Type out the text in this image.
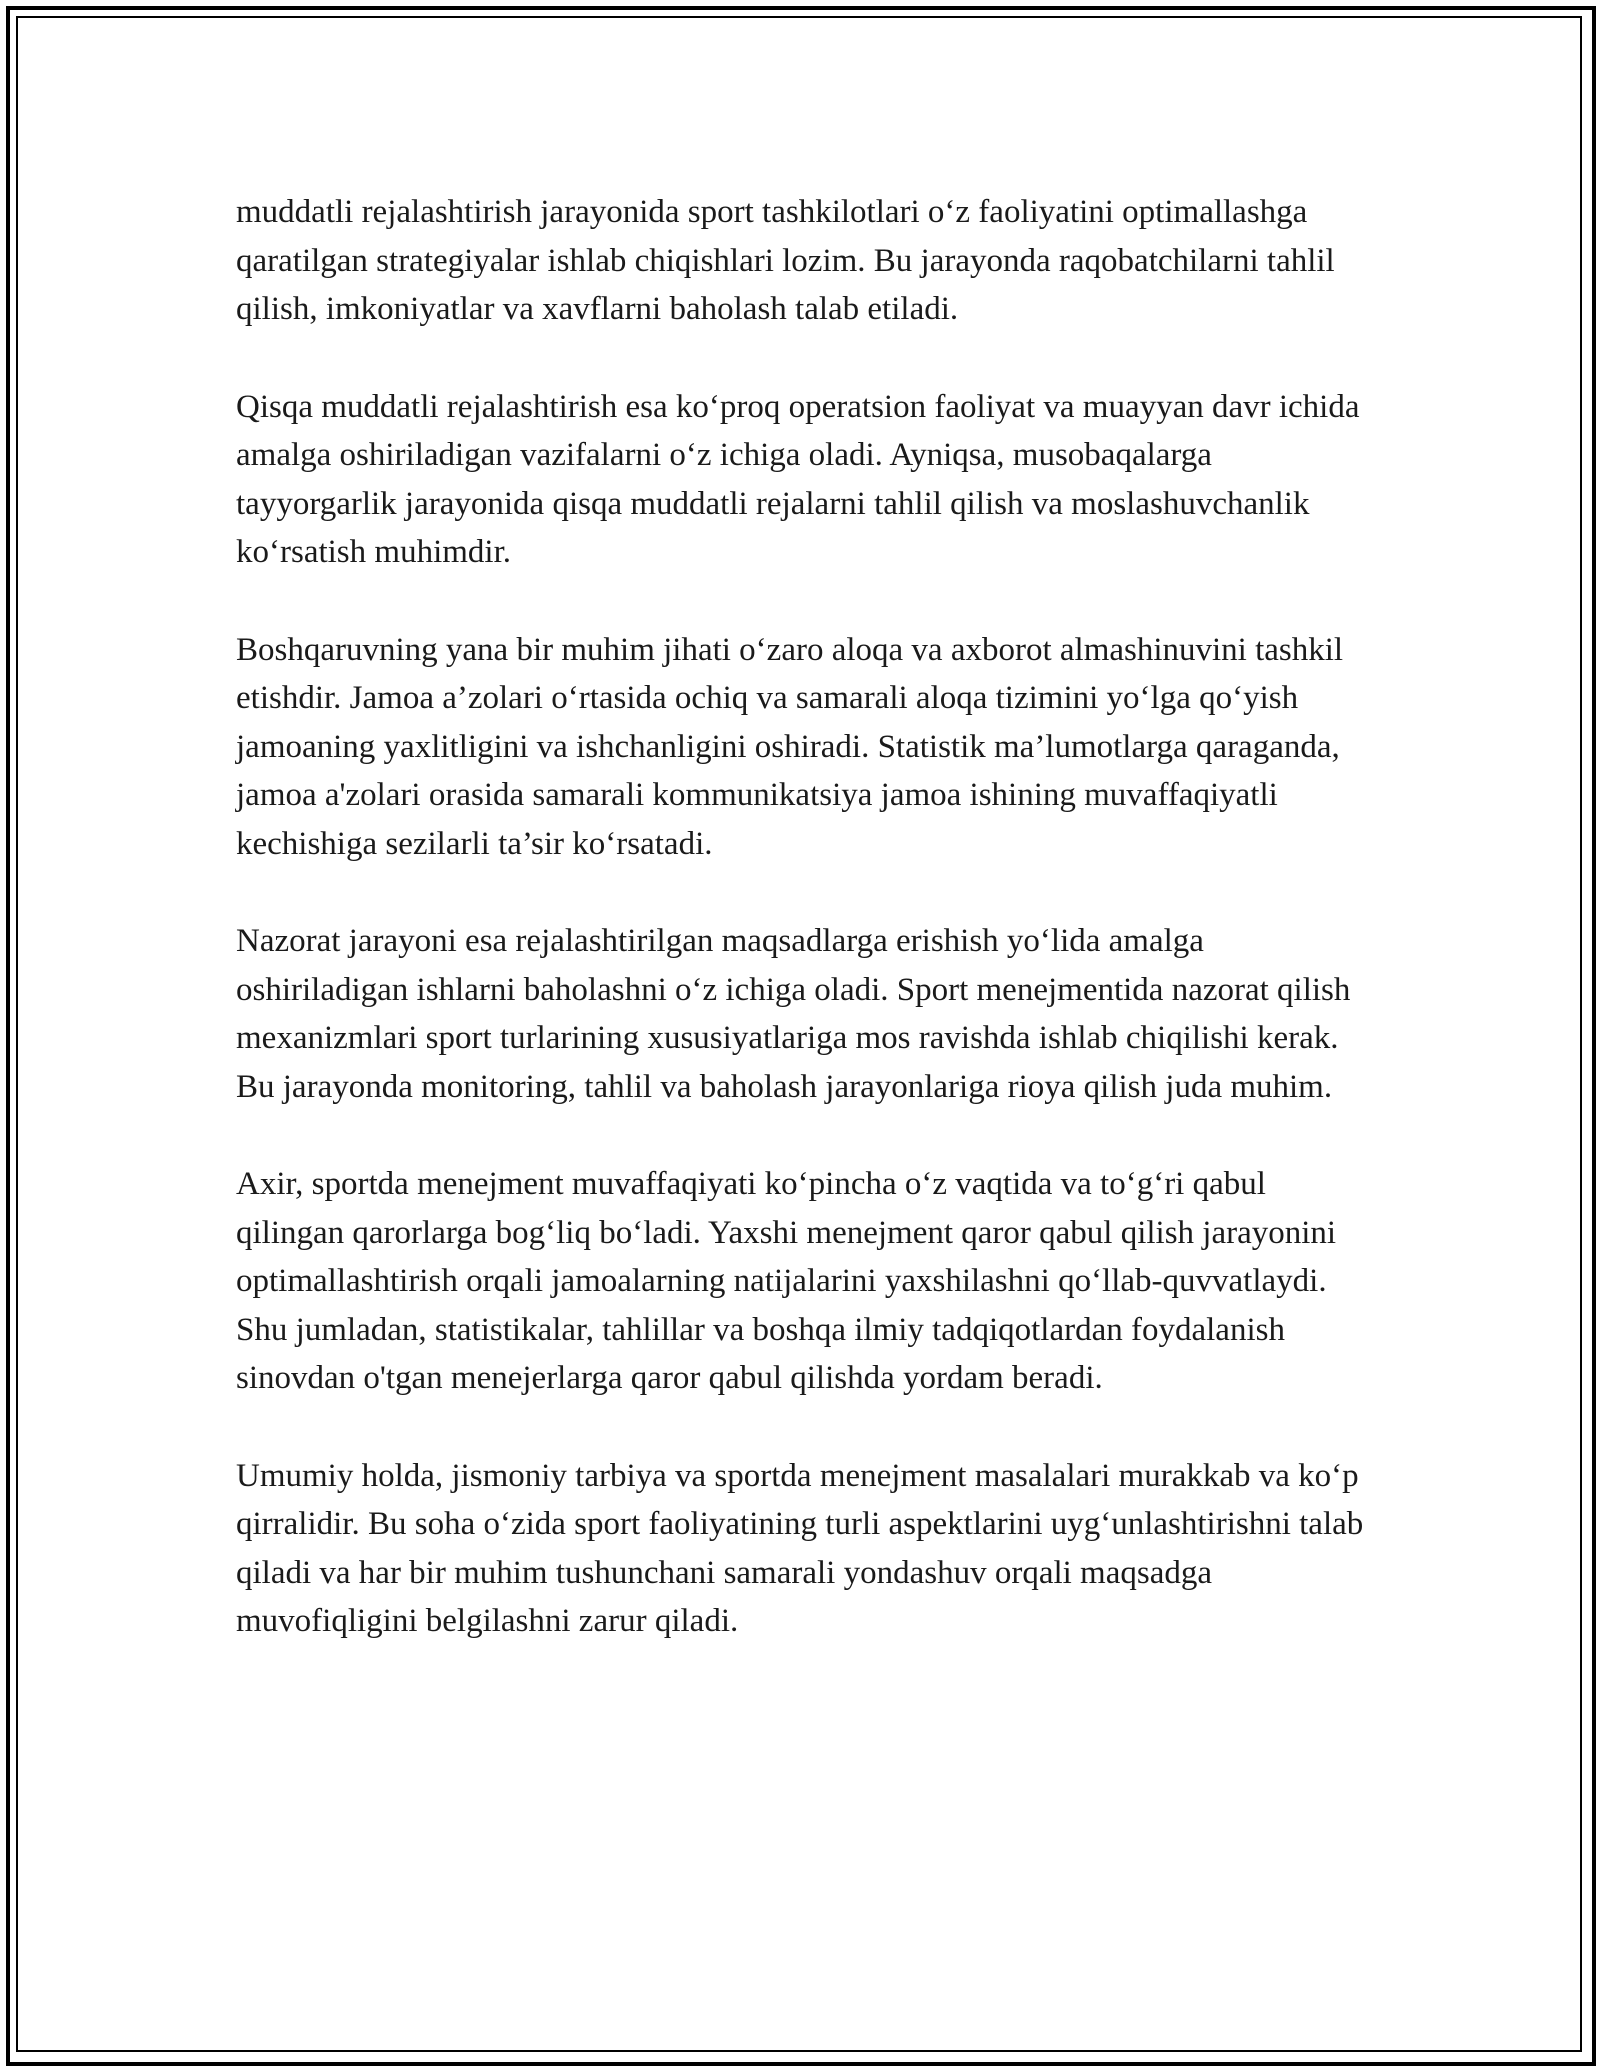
muddatli rejalashtirish jarayonida sport tashkilotlari o‘z faoliyatini optimallashga qaratilgan strategiyalar ishlab chiqishlari lozim. Bu jarayonda raqobatchilarni tahlil qilish, imkoniyatlar va xavflarni baholash talab etiladi.

Qisqa muddatli rejalashtirish esa ko‘proq operatsion faoliyat va muayyan davr ichida amalga oshiriladigan vazifalarni o‘z ichiga oladi. Ayniqsa, musobaqalarga tayyorgarlik jarayonida qisqa muddatli rejalarni tahlil qilish va moslashuvchanlik ko‘rsatish muhimdir.

Boshqaruvning yana bir muhim jihati o‘zaro aloqa va axborot almashinuvini tashkil etishdir. Jamoa a’zolari o‘rtasida ochiq va samarali aloqa tizimini yo‘lga qo‘yish jamoaning yaxlitligini va ishchanligini oshiradi. Statistik ma’lumotlarga qaraganda, jamoa a'zolari orasida samarali kommunikatsiya jamoa ishining muvaffaqiyatli kechishiga sezilarli ta’sir ko‘rsatadi.

Nazorat jarayoni esa rejalashtirilgan maqsadlarga erishish yo‘lida amalga oshiriladigan ishlarni baholashni o‘z ichiga oladi. Sport menejmentida nazorat qilish mexanizmlari sport turlarining xususiyatlariga mos ravishda ishlab chiqilishi kerak. Bu jarayonda monitoring, tahlil va baholash jarayonlariga rioya qilish juda muhim.

Axir, sportda menejment muvaffaqiyati ko‘pincha o‘z vaqtida va to‘g‘ri qabul qilingan qarorlarga bog‘liq bo‘ladi. Yaxshi menejment qaror qabul qilish jarayonini optimallashtirish orqali jamoalarning natijalarini yaxshilashni qo‘llab-quvvatlaydi. Shu jumladan, statistikalar, tahlillar va boshqa ilmiy tadqiqotlardan foydalanish sinovdan o'tgan menejerlarga qaror qabul qilishda yordam beradi.

Umumiy holda, jismoniy tarbiya va sportda menejment masalalari murakkab va ko‘p qirralidir. Bu soha o‘zida sport faoliyatining turli aspektlarini uyg‘unlashtirishni talab qiladi va har bir muhim tushunchani samarali yondashuv orqali maqsadga muvofiqligini belgilashni zarur qiladi.
